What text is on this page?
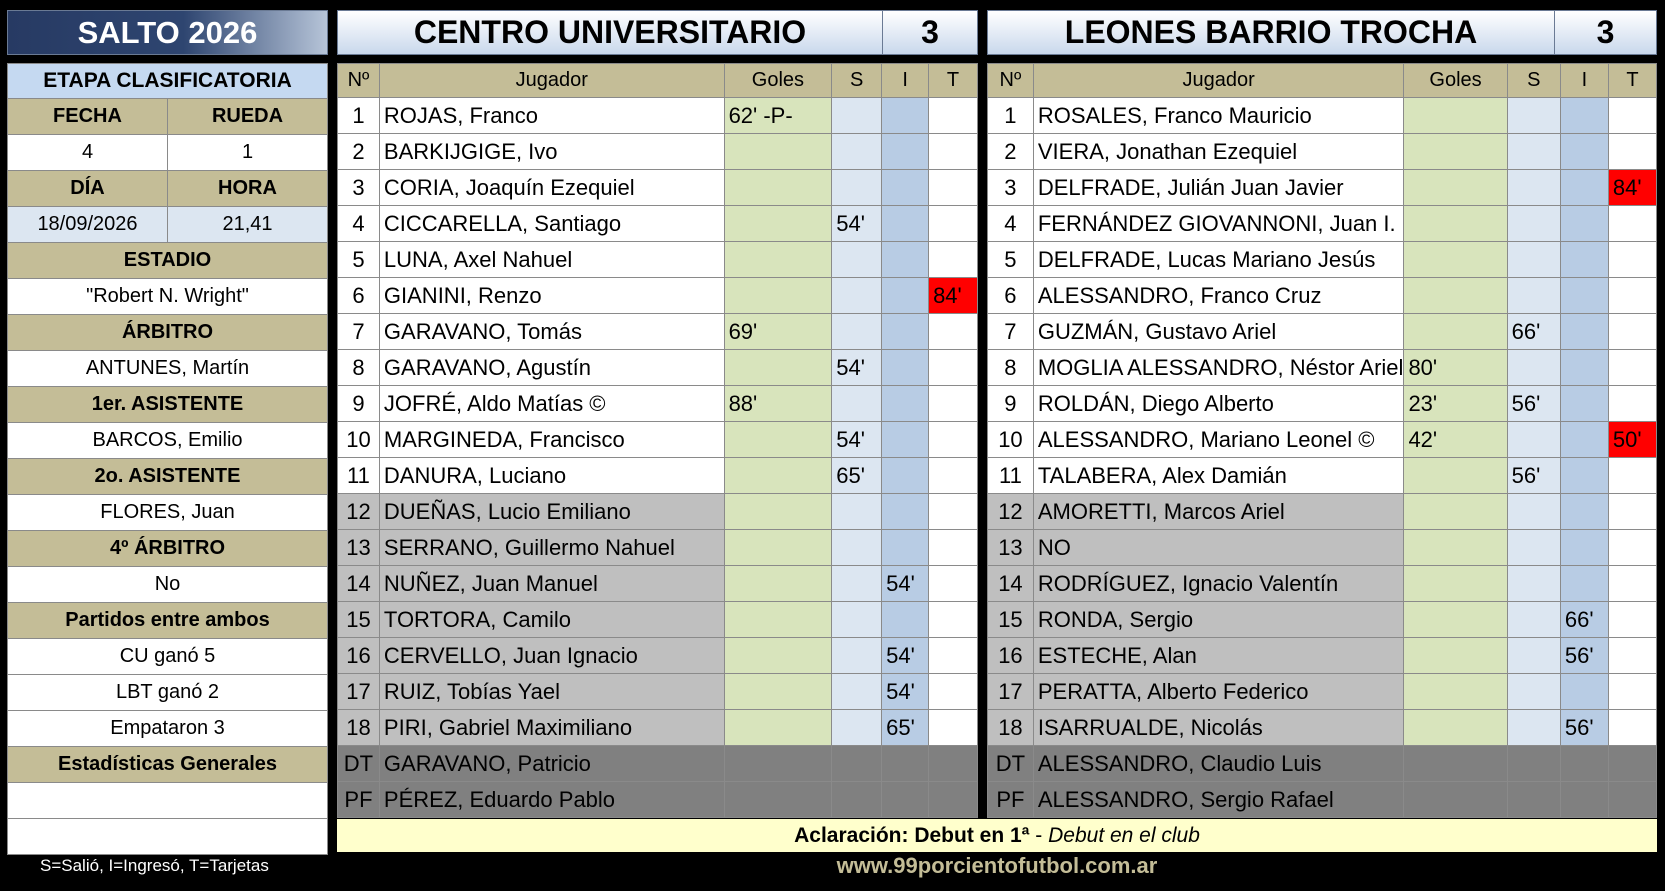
SALTO 2026
ETAPA CLASIFICATORIA
FECHA	RUEDA
4	1
DÍA	HORA
18/09/2026	21,41
ESTADIO
"Robert N. Wright"
ÁRBITRO
ANTUNES, Martín
1er. ASISTENTE
BARCOS, Emilio
2o. ASISTENTE
FLORES, Juan
4º ÁRBITRO
No
Partidos entre ambos
CU ganó 5
LBT ganó 2
Empataron 3
Estadísticas Generales
S=Salió, I=Ingresó, T=Tarjetas
CENTRO UNIVERSITARIO	3
Nº	Jugador	Goles	S	I	T
1	ROJAS, Franco	62' -P-			
2	BARKIJGIGE, Ivo				
3	CORIA, Joaquín Ezequiel				
4	CICCARELLA, Santiago		54'		
5	LUNA, Axel Nahuel				
6	GIANINI, Renzo				84'
7	GARAVANO, Tomás	69'			
8	GARAVANO, Agustín		54'		
9	JOFRÉ, Aldo Matías ©	88'			
10	MARGINEDA, Francisco		54'		
11	DANURA, Luciano		65'		
12	DUEÑAS, Lucio Emiliano				
13	SERRANO, Guillermo Nahuel				
14	NUÑEZ, Juan Manuel			54'	
15	TORTORA, Camilo				
16	CERVELLO, Juan Ignacio			54'	
17	RUIZ, Tobías Yael			54'	
18	PIRI, Gabriel Maximiliano			65'	
DT	GARAVANO, Patricio				
PF	PÉREZ, Eduardo Pablo				
LEONES BARRIO TROCHA	3
Nº	Jugador	Goles	S	I	T
1	ROSALES, Franco Mauricio				
2	VIERA, Jonathan Ezequiel				
3	DELFRADE, Julián Juan Javier				84'
4	FERNÁNDEZ GIOVANNONI, Juan I.				
5	DELFRADE, Lucas Mariano Jesús				
6	ALESSANDRO, Franco Cruz				
7	GUZMÁN, Gustavo Ariel		66'		
8	MOGLIA ALESSANDRO, Néstor Ariel	80'			
9	ROLDÁN, Diego Alberto	23'	56'		
10	ALESSANDRO, Mariano Leonel ©	42'			50'
11	TALABERA, Alex Damián		56'		
12	AMORETTI, Marcos Ariel				
13	NO				
14	RODRÍGUEZ, Ignacio Valentín				
15	RONDA, Sergio			66'	
16	ESTECHE, Alan			56'	
17	PERATTA, Alberto Federico				
18	ISARRUALDE, Nicolás			56'	
DT	ALESSANDRO, Claudio Luis				
PF	ALESSANDRO, Sergio Rafael				
Aclaración: Debut en 1ª - Debut en el club
www.99porcientofutbol.com.ar
